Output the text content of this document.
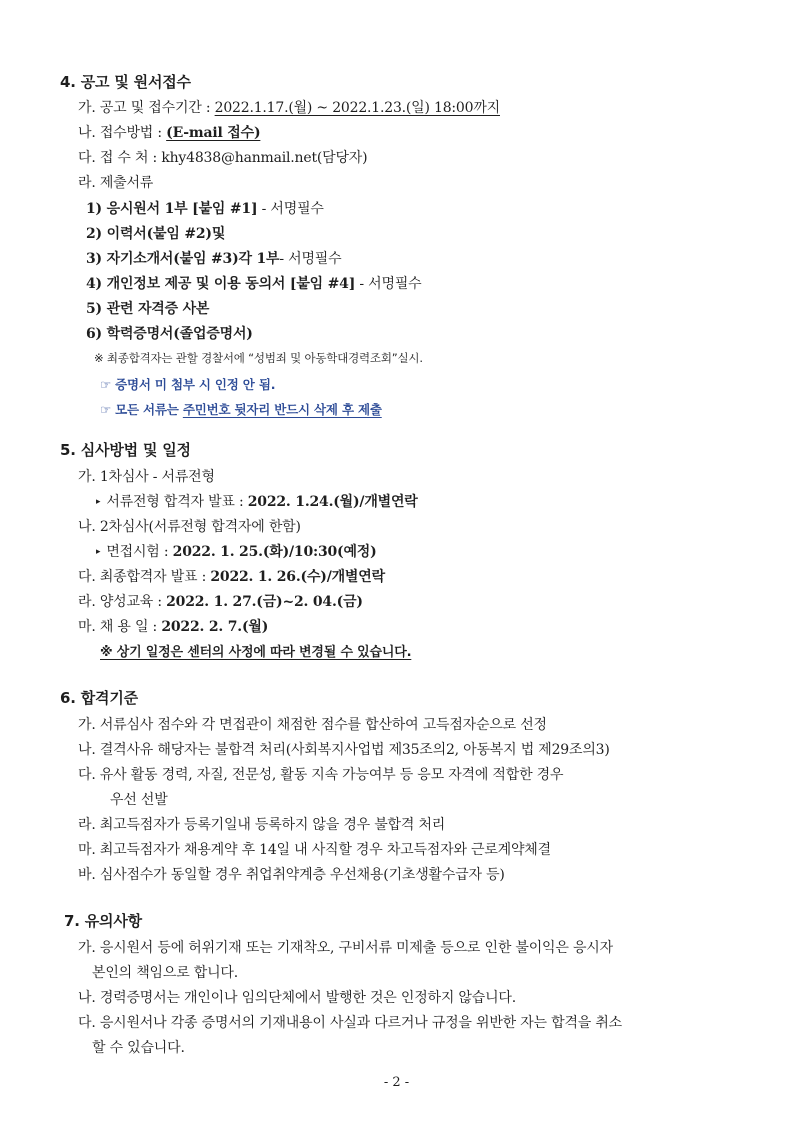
4. 공고 및 원서접수
가. 공고 및 접수기간 : 2022.1.17.(월) ~ 2022.1.23.(일) 18:00까지
나. 접수방법 : (E-mail 접수)
다. 접 수 처 : khy4838@hanmail.net(담당자)
라. 제출서류
1) 응시원서 1부 [붙임 #1] - 서명필수
2) 이력서(붙임 #2)및
3) 자기소개서(붙임 #3)각 1부- 서명필수
4) 개인정보 제공 및 이용 동의서 [붙임 #4] - 서명필수
5) 관련 자격증 사본
6) 학력증명서(졸업증명서)
※ 최종합격자는 관할 경찰서에 “성범죄 및 아동학대경력조회”실시.
☞ 증명서 미 첨부 시 인정 안 됨.
☞ 모든 서류는 주민번호 뒷자리 반드시 삭제 후 제출
5. 심사방법 및 일정
가. 1차심사 - 서류전형
▸ 서류전형 합격자 발표 : 2022. 1.24.(월)/개별연락
나. 2차심사(서류전형 합격자에 한함)
▸ 면접시험 : 2022. 1. 25.(화)/10:30(예정)
다. 최종합격자 발표 : 2022. 1. 26.(수)/개별연락
라. 양성교육 : 2022. 1. 27.(금)~2. 04.(금)
마. 채 용 일 : 2022. 2. 7.(월)
※ 상기 일정은 센터의 사정에 따라 변경될 수 있습니다.
6. 합격기준
가. 서류심사 점수와 각 면접관이 채점한 점수를 합산하여 고득점자순으로 선정
나. 결격사유 해당자는 불합격 처리(사회복지사업법 제35조의2, 아동복지 법 제29조의3)
다. 유사 활동 경력, 자질, 전문성, 활동 지속 가능여부 등 응모 자격에 적합한 경우
우선 선발
라. 최고득점자가 등록기일내 등록하지 않을 경우 불합격 처리
마. 최고득점자가 채용계약 후 14일 내 사직할 경우 차고득점자와 근로계약체결
바. 심사점수가 동일할 경우 취업취약계층 우선채용(기초생활수급자 등)
7. 유의사항
가. 응시원서 등에 허위기재 또는 기재착오, 구비서류 미제출 등으로 인한 불이익은 응시자
본인의 책임으로 합니다.
나. 경력증명서는 개인이나 임의단체에서 발행한 것은 인정하지 않습니다.
다. 응시원서나 각종 증명서의 기재내용이 사실과 다르거나 규정을 위반한 자는 합격을 취소
할 수 있습니다.
- 2 -
